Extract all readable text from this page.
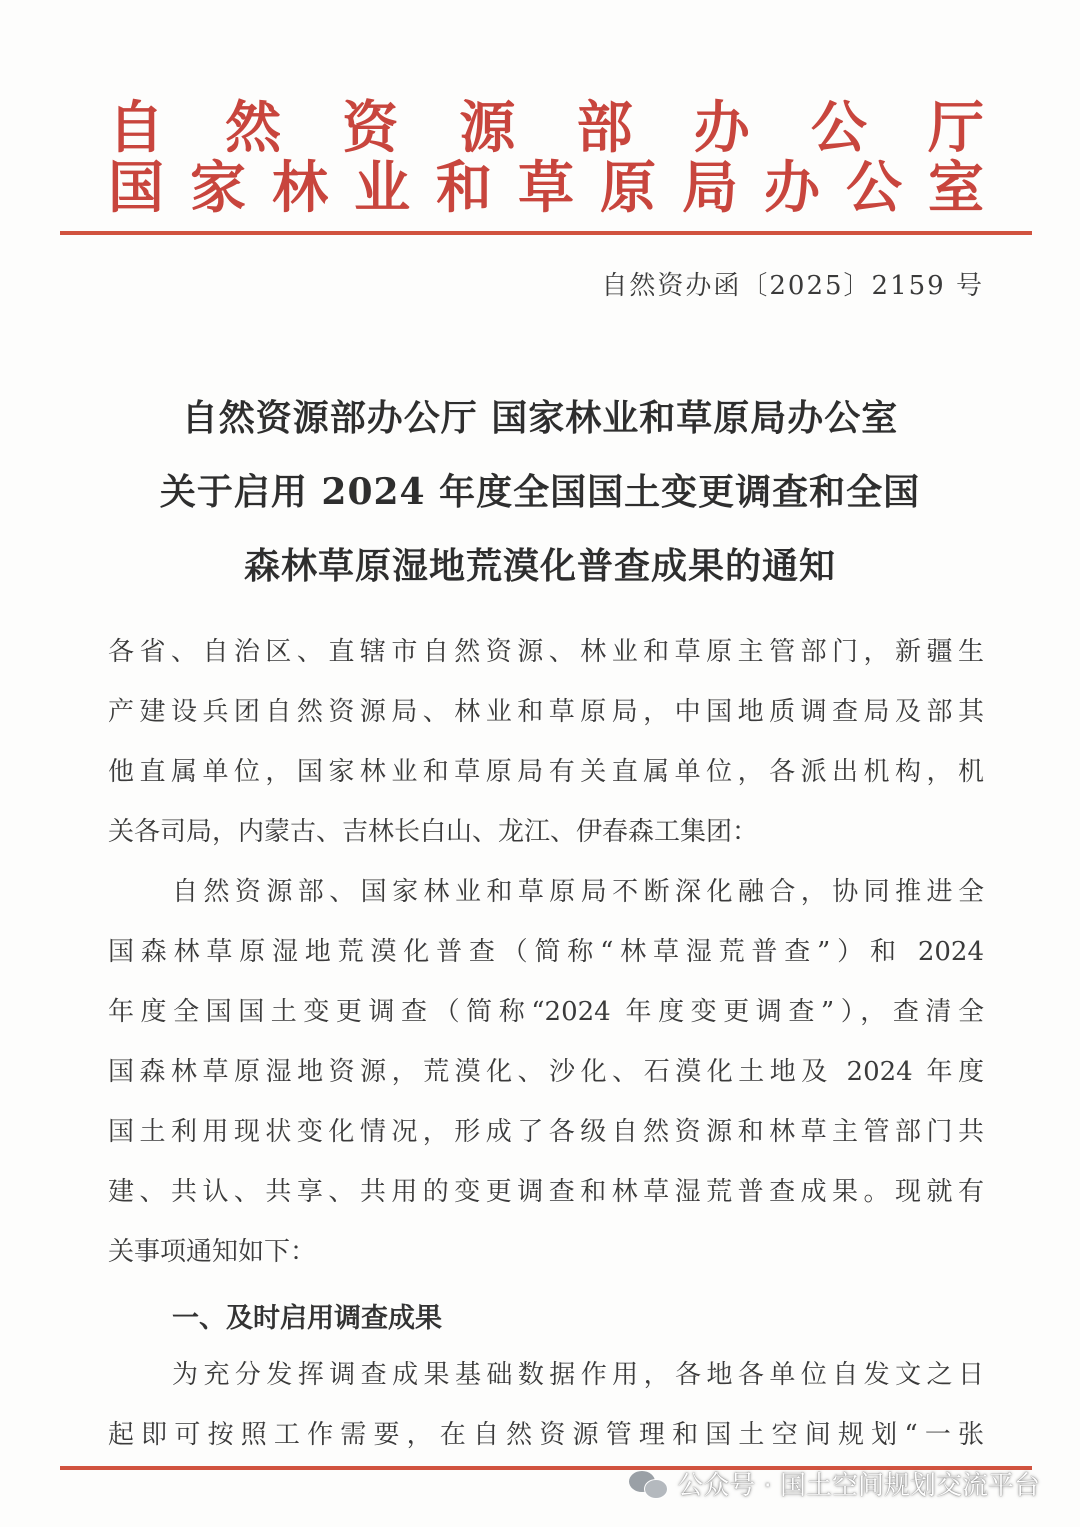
自 然 资 源 部 办 公 厅
国 家 林 业 和 草 原 局 办 公 室
自然资办函〔2025〕2159 号
自然资源部办公厅 国家林业和草原局办公室
关于启用 2024 年度全国国土变更调查和全国
森林草原湿地荒漠化普查成果的通知
各省、自治区、直辖市自然资源、林业和草原主管部门，新疆生
产建设兵团自然资源局、林业和草原局，中国地质调查局及部其
他直属单位，国家林业和草原局有关直属单位，各派出机构，机
关各司局，内蒙古、吉林长白山、龙江、伊春森工集团：
自然资源部、国家林业和草原局不断深化融合，协同推进全
国森林草原湿地荒漠化普查（简称“林草湿荒普查”）和 2024
年度全国国土变更调查（简称“2024 年度变更调查”），查清全
国森林草原湿地资源，荒漠化、沙化、石漠化土地及 2024 年度
国土利用现状变化情况，形成了各级自然资源和林草主管部门共
建、共认、共享、共用的变更调查和林草湿荒普查成果。现就有
关事项通知如下：
一、及时启用调查成果
为充分发挥调查成果基础数据作用，各地各单位自发文之日
起即可按照工作需要，在自然资源管理和国土空间规划“一张
公众号 · 国土空间规划交流平台
